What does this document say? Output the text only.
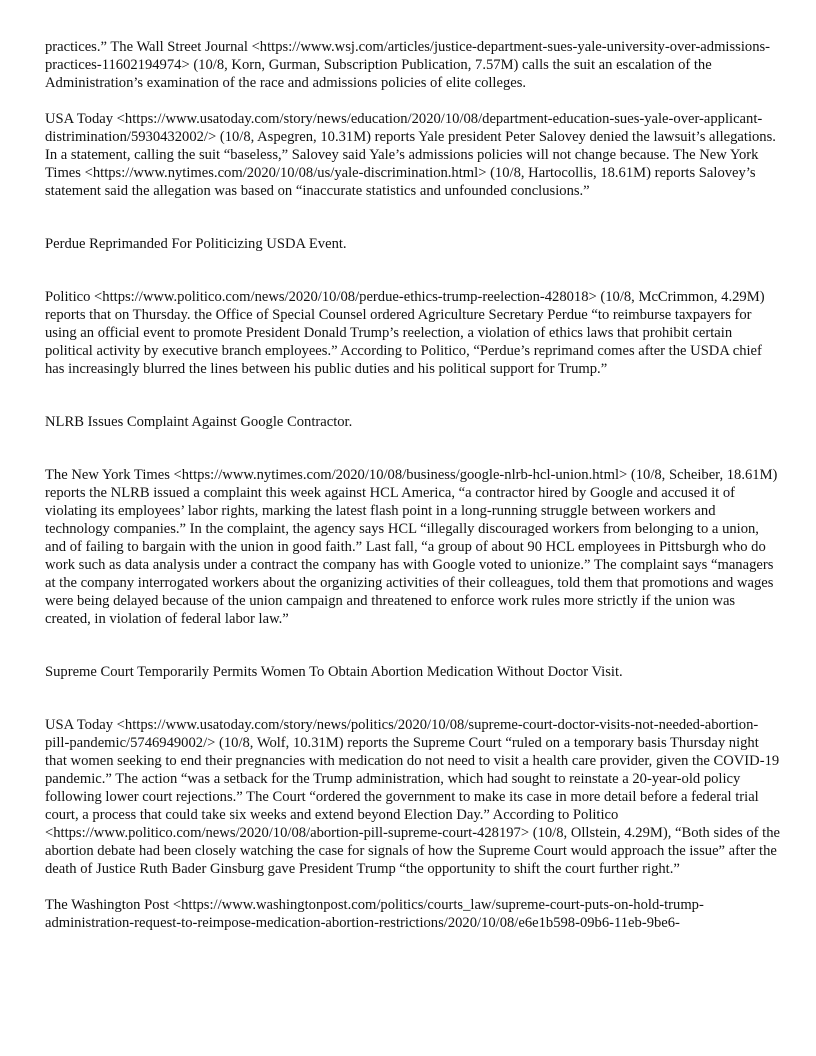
practices.” The Wall Street Journal <https://www.wsj.com/articles/justice-department-sues-yale-university-over-admissions-practices-11602194974> (10/8, Korn, Gurman, Subscription Publication, 7.57M) calls the suit an escalation of the Administration’s examination of the race and admissions policies of elite colleges.

USA Today <https://www.usatoday.com/story/news/education/2020/10/08/department-education-sues-yale-over-applicant-distrimination/5930432002/> (10/8, Aspegren, 10.31M) reports Yale president Peter Salovey denied the lawsuit’s allegations. In a statement, calling the suit “baseless,” Salovey said Yale’s admissions policies will not change because. The New York Times <https://www.nytimes.com/2020/10/08/us/yale-discrimination.html> (10/8, Hartocollis, 18.61M) reports Salovey’s statement said the allegation was based on “inaccurate statistics and unfounded conclusions.”

Perdue Reprimanded For Politicizing USDA Event.

Politico <https://www.politico.com/news/2020/10/08/perdue-ethics-trump-reelection-428018> (10/8, McCrimmon, 4.29M) reports that on Thursday. the Office of Special Counsel ordered Agriculture Secretary Perdue “to reimburse taxpayers for using an official event to promote President Donald Trump’s reelection, a violation of ethics laws that prohibit certain political activity by executive branch employees.” According to Politico, “Perdue’s reprimand comes after the USDA chief has increasingly blurred the lines between his public duties and his political support for Trump.”

NLRB Issues Complaint Against Google Contractor.

The New York Times <https://www.nytimes.com/2020/10/08/business/google-nlrb-hcl-union.html> (10/8, Scheiber, 18.61M) reports the NLRB issued a complaint this week against HCL America, “a contractor hired by Google and accused it of violating its employees’ labor rights, marking the latest flash point in a long-running struggle between workers and technology companies.” In the complaint, the agency says HCL “illegally discouraged workers from belonging to a union, and of failing to bargain with the union in good faith.” Last fall, “a group of about 90 HCL employees in Pittsburgh who do work such as data analysis under a contract the company has with Google voted to unionize.” The complaint says “managers at the company interrogated workers about the organizing activities of their colleagues, told them that promotions and wages were being delayed because of the union campaign and threatened to enforce work rules more strictly if the union was created, in violation of federal labor law.”

Supreme Court Temporarily Permits Women To Obtain Abortion Medication Without Doctor Visit.

USA Today <https://www.usatoday.com/story/news/politics/2020/10/08/supreme-court-doctor-visits-not-needed-abortion-pill-pandemic/5746949002/> (10/8, Wolf, 10.31M) reports the Supreme Court “ruled on a temporary basis Thursday night that women seeking to end their pregnancies with medication do not need to visit a health care provider, given the COVID-19 pandemic.” The action “was a setback for the Trump administration, which had sought to reinstate a 20-year-old policy following lower court rejections.” The Court “ordered the government to make its case in more detail before a federal trial court, a process that could take six weeks and extend beyond Election Day.” According to Politico <https://www.politico.com/news/2020/10/08/abortion-pill-supreme-court-428197> (10/8, Ollstein, 4.29M), “Both sides of the abortion debate had been closely watching the case for signals of how the Supreme Court would approach the issue” after the death of Justice Ruth Bader Ginsburg gave President Trump “the opportunity to shift the court further right.”

The Washington Post <https://www.washingtonpost.com/politics/courts_law/supreme-court-puts-on-hold-trump-administration-request-to-reimpose-medication-abortion-restrictions/2020/10/08/e6e1b598-09b6-11eb-9be6-
